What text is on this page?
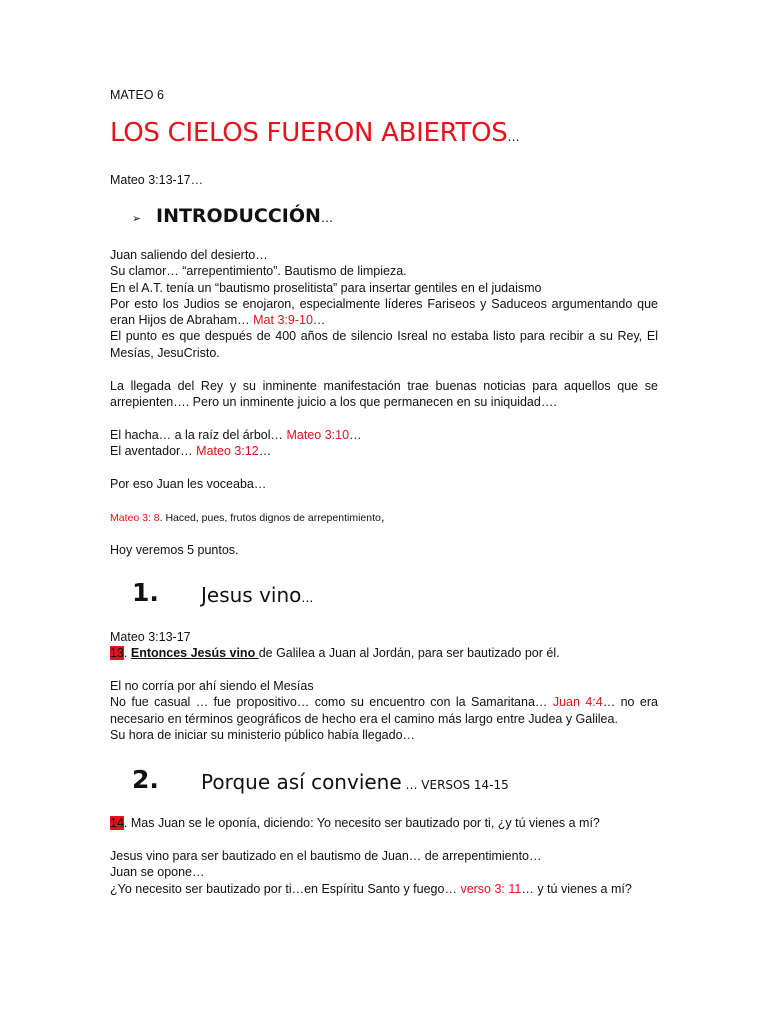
MATEO 6
LOS CIELOS FUERON ABIERTOS…
Mateo 3:13-17…
➢ INTRODUCCIÓN…

Juan saliendo del desierto…

Su clamor… “arrepentimiento”. Bautismo de limpieza.

En el A.T. tenía un “bautismo proselitista” para insertar gentiles en el judaismo

Por esto los Judios se enojaron, especialmente líderes Fariseos y Saduceos argumentando que eran Hijos de Abraham… Mat 3:9-10…

El punto es que después de 400 años de silencio Isreal no estaba listo para recibir a su Rey, El Mesías, JesuCristo.

La llegada del Rey y su inminente manifestación trae buenas noticias para aquellos que se arrepienten…. Pero un inminente juicio a los que permanecen en su iniquidad….

El hacha… a la raíz del árbol… Mateo 3:10…

El aventador… Mateo 3:12…

Por eso Juan les voceaba…

Mateo 3: 8. Haced, pues, frutos dignos de arrepentimiento,

Hoy veremos 5 puntos.

1. Jesus vino…

Mateo 3:13-17

13. Entonces Jesús vino de Galilea a Juan al Jordán, para ser bautizado por él.

El no corría por ahí siendo el Mesías

No fue casual … fue propositivo… como su encuentro con la Samaritana… Juan 4:4… no era necesario en términos geográficos de hecho era el camino más largo entre Judea y Galilea.

Su hora de iniciar su ministerio público había llegado…

2. Porque así conviene … VERSOS 14-15

14. Mas Juan se le oponía, diciendo: Yo necesito ser bautizado por ti, ¿y tú vienes a mí?

Jesus vino para ser bautizado en el bautismo de Juan… de arrepentimiento…

Juan se opone…

¿Yo necesito ser bautizado por ti…en Espíritu Santo y fuego… verso 3: 11… y tú vienes a mí?
